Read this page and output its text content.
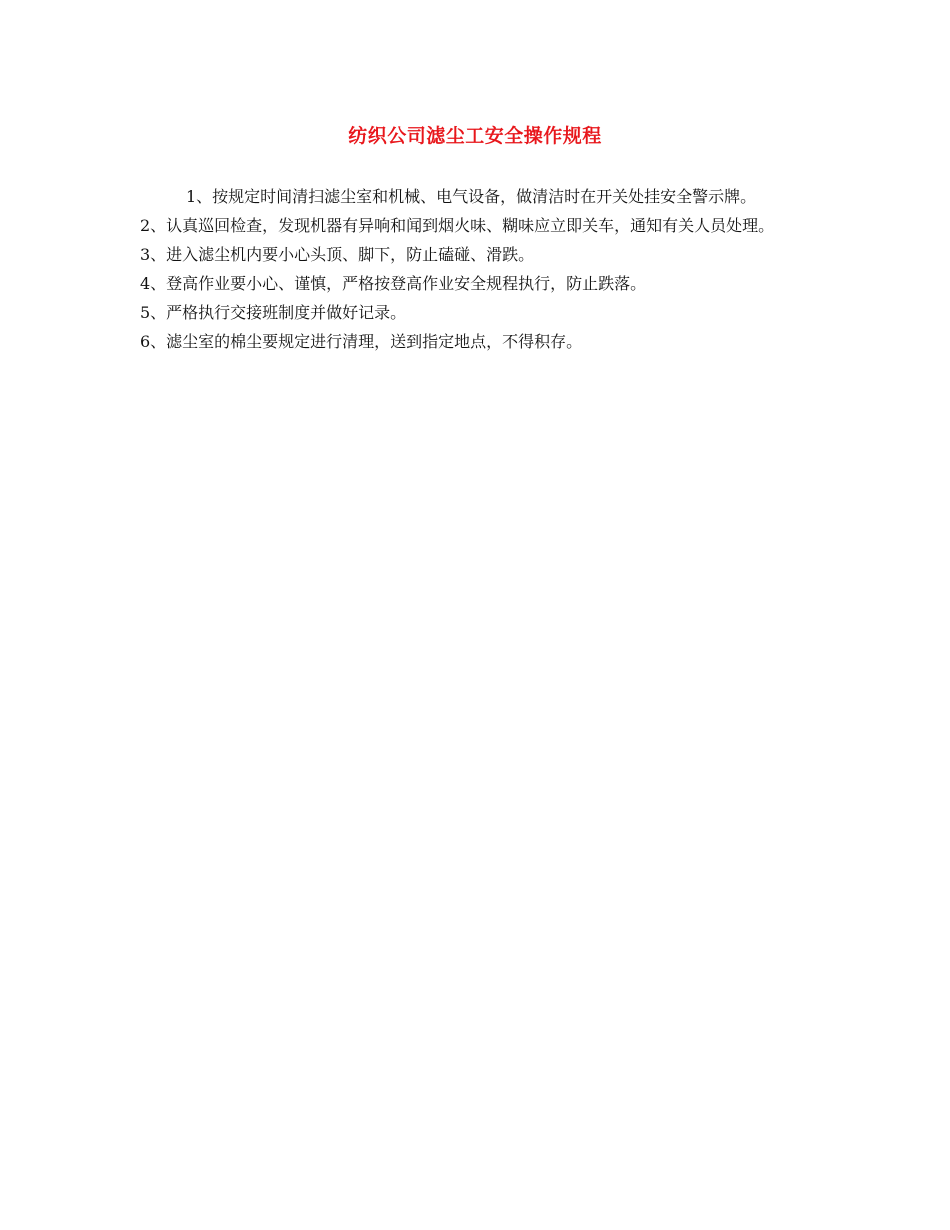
纺织公司滤尘工安全操作规程

1、按规定时间清扫滤尘室和机械、电气设备，做清洁时在开关处挂安全警示牌。

2、认真巡回检查，发现机器有异响和闻到烟火味、糊味应立即关车，通知有关人员处理。

3、进入滤尘机内要小心头顶、脚下，防止磕碰、滑跌。

4、登高作业要小心、谨慎，严格按登高作业安全规程执行，防止跌落。

5、严格执行交接班制度并做好记录。

6、滤尘室的棉尘要规定进行清理，送到指定地点，不得积存。
